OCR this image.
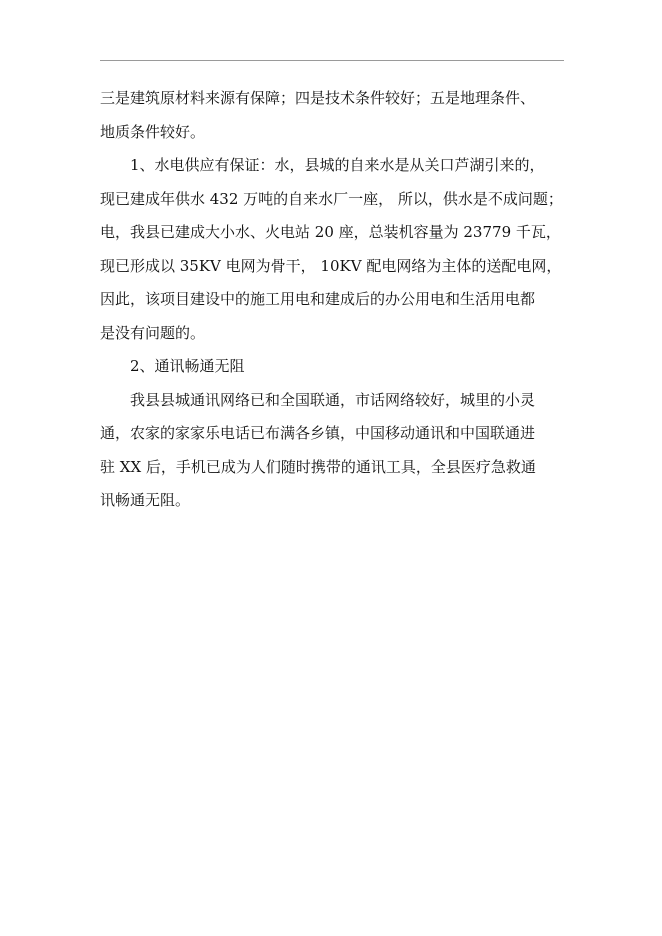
三是建筑原材料来源有保障；四是技术条件较好；五是地理条件、
地质条件较好。
1、水电供应有保证：水，县城的自来水是从关口芦湖引来的，
现已建成年供水 432 万吨的自来水厂一座， 所以，供水是不成问题；
电，我县已建成大小水、火电站 20 座，总装机容量为 23779 千瓦，
现已形成以 35KV 电网为骨干， 10KV 配电网络为主体的送配电网，
因此，该项目建设中的施工用电和建成后的办公用电和生活用电都
是没有问题的。
2、通讯畅通无阻
我县县城通讯网络已和全国联通，市话网络较好，城里的小灵
通，农家的家家乐电话已布满各乡镇，中国移动通讯和中国联通进
驻 XX 后，手机已成为人们随时携带的通讯工具，全县医疗急救通
讯畅通无阻。
